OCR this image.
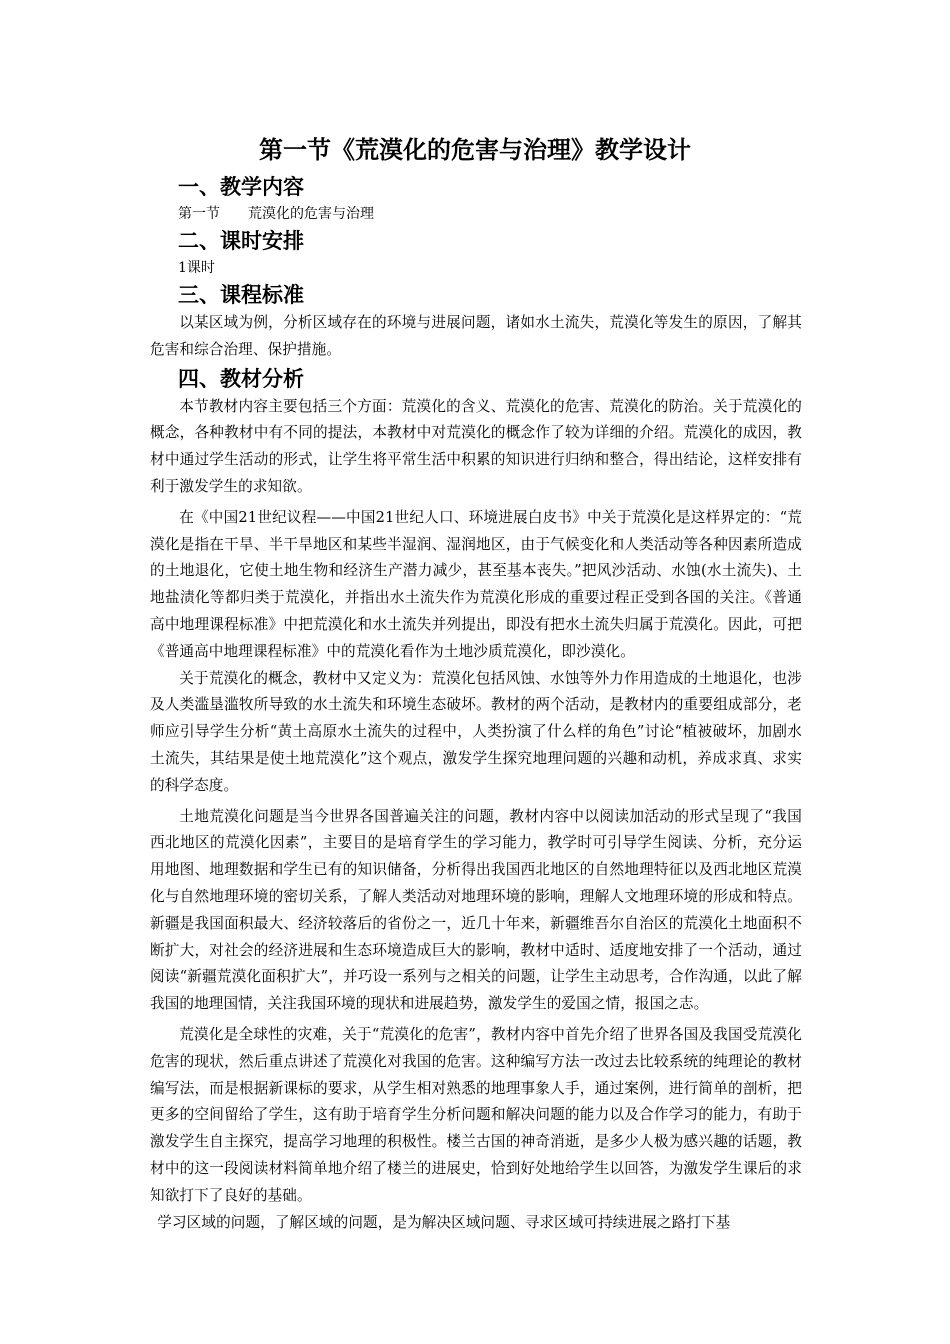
第一节《荒漠化的危害与治理》教学设计
一、教学内容

第一节　　荒漠化的危害与治理

二、课时安排

1课时

三、课程标准

以某区域为例，分析区域存在的环境与进展问题，诸如水土流失，荒漠化等发生的原因，了解其危害和综合治理、保护措施。

四、教材分析

本节教材内容主要包括三个方面：荒漠化的含义、荒漠化的危害、荒漠化的防治。关于荒漠化的概念，各种教材中有不同的提法，本教材中对荒漠化的概念作了较为详细的介绍。荒漠化的成因，教材中通过学生活动的形式，让学生将平常生活中积累的知识进行归纳和整合，得出结论，这样安排有利于激发学生的求知欲。

在《中国21世纪议程——中国21世纪人口、环境进展白皮书》中关于荒漠化是这样界定的：“荒漠化是指在干旱、半干旱地区和某些半湿润、湿润地区，由于气候变化和人类活动等各种因素所造成的土地退化，它使土地生物和经济生产潜力减少，甚至基本丧失。”把风沙活动、水蚀(水土流失)、土地盐渍化等都归类于荒漠化，并指出水土流失作为荒漠化形成的重要过程正受到各国的关注。《普通高中地理课程标准》中把荒漠化和水土流失并列提出，即没有把水土流失归属于荒漠化。因此，可把《普通高中地理课程标准》中的荒漠化看作为土地沙质荒漠化，即沙漠化。

关于荒漠化的概念，教材中又定义为：荒漠化包括风蚀、水蚀等外力作用造成的土地退化，也涉及人类滥垦滥牧所导致的水土流失和环境生态破坏。教材的两个活动，是教材内的重要组成部分，老师应引导学生分析“黄土高原水土流失的过程中，人类扮演了什么样的角色”讨论“植被破坏，加剧水土流失，其结果是使土地荒漠化”这个观点，激发学生探究地理问题的兴趣和动机，养成求真、求实的科学态度。

土地荒漠化问题是当今世界各国普遍关注的问题，教材内容中以阅读加活动的形式呈现了“我国西北地区的荒漠化因素”，主要目的是培育学生的学习能力，教学时可引导学生阅读、分析，充分运用地图、地理数据和学生已有的知识储备，分析得出我国西北地区的自然地理特征以及西北地区荒漠化与自然地理环境的密切关系，了解人类活动对地理环境的影响，理解人文地理环境的形成和特点。新疆是我国面积最大、经济较落后的省份之一，近几十年来，新疆维吾尔自治区的荒漠化土地面积不断扩大，对社会的经济进展和生态环境造成巨大的影响，教材中适时、适度地安排了一个活动，通过阅读“新疆荒漠化面积扩大”，并巧设一系列与之相关的问题，让学生主动思考，合作沟通，以此了解我国的地理国情，关注我国环境的现状和进展趋势，激发学生的爱国之情，报国之志。

荒漠化是全球性的灾难，关于“荒漠化的危害”，教材内容中首先介绍了世界各国及我国受荒漠化危害的现状，然后重点讲述了荒漠化对我国的危害。这种编写方法一改过去比较系统的纯理论的教材编写法，而是根据新课标的要求，从学生相对熟悉的地理事象人手，通过案例，进行简单的剖析，把更多的空间留给了学生，这有助于培育学生分析问题和解决问题的能力以及合作学习的能力，有助于激发学生自主探究，提高学习地理的积极性。楼兰古国的神奇消逝，是多少人极为感兴趣的话题，教材中的这一段阅读材料简单地介绍了楼兰的进展史，恰到好处地给学生以回答，为激发学生课后的求知欲打下了良好的基础。

学习区域的问题，了解区域的问题，是为解决区域问题、寻求区域可持续进展之路打下基
